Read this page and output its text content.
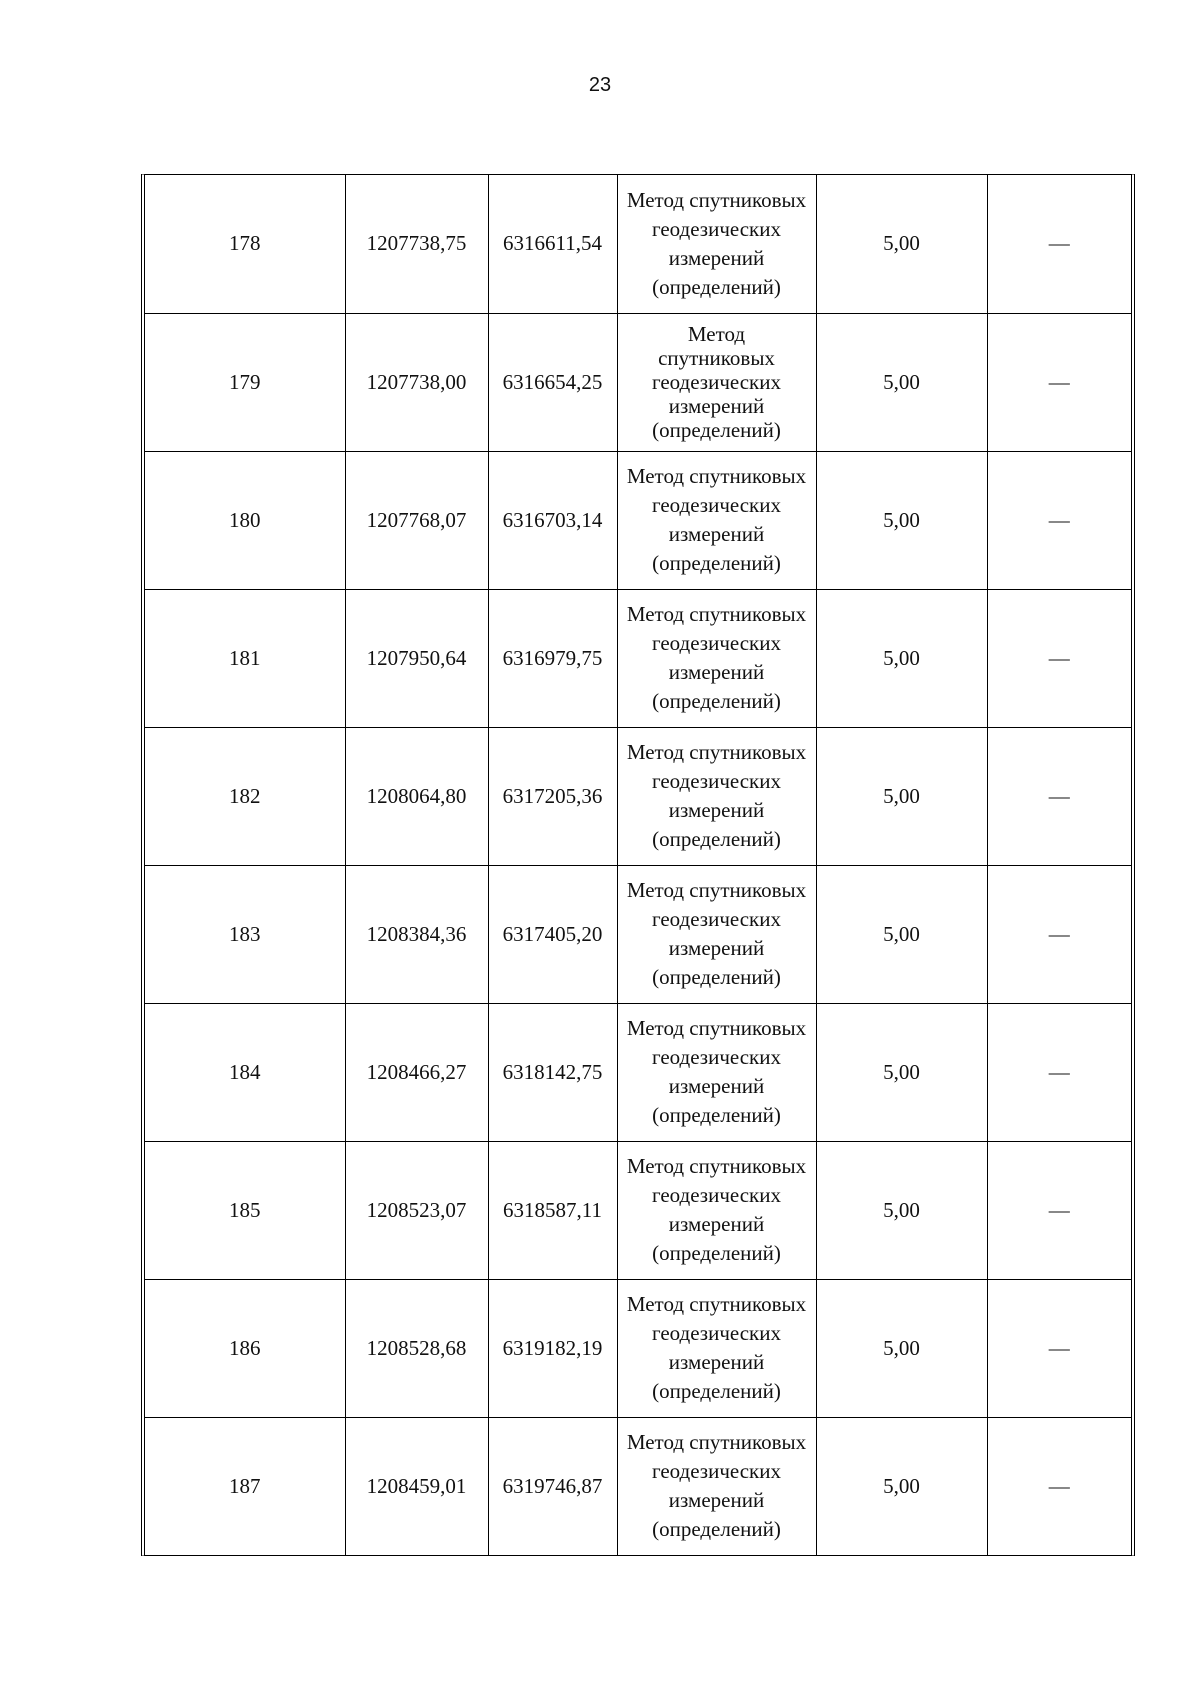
23
178	1207738,75	6316611,54	Метод спутниковых
геодезических
измерений
(определений)	5,00	—
179	1207738,00	6316654,25	Метод
спутниковых
геодезических
измерений
(определений)	5,00	—
180	1207768,07	6316703,14	Метод спутниковых
геодезических
измерений
(определений)	5,00	—
181	1207950,64	6316979,75	Метод спутниковых
геодезических
измерений
(определений)	5,00	—
182	1208064,80	6317205,36	Метод спутниковых
геодезических
измерений
(определений)	5,00	—
183	1208384,36	6317405,20	Метод спутниковых
геодезических
измерений
(определений)	5,00	—
184	1208466,27	6318142,75	Метод спутниковых
геодезических
измерений
(определений)	5,00	—
185	1208523,07	6318587,11	Метод спутниковых
геодезических
измерений
(определений)	5,00	—
186	1208528,68	6319182,19	Метод спутниковых
геодезических
измерений
(определений)	5,00	—
187	1208459,01	6319746,87	Метод спутниковых
геодезических
измерений
(определений)	5,00	—
